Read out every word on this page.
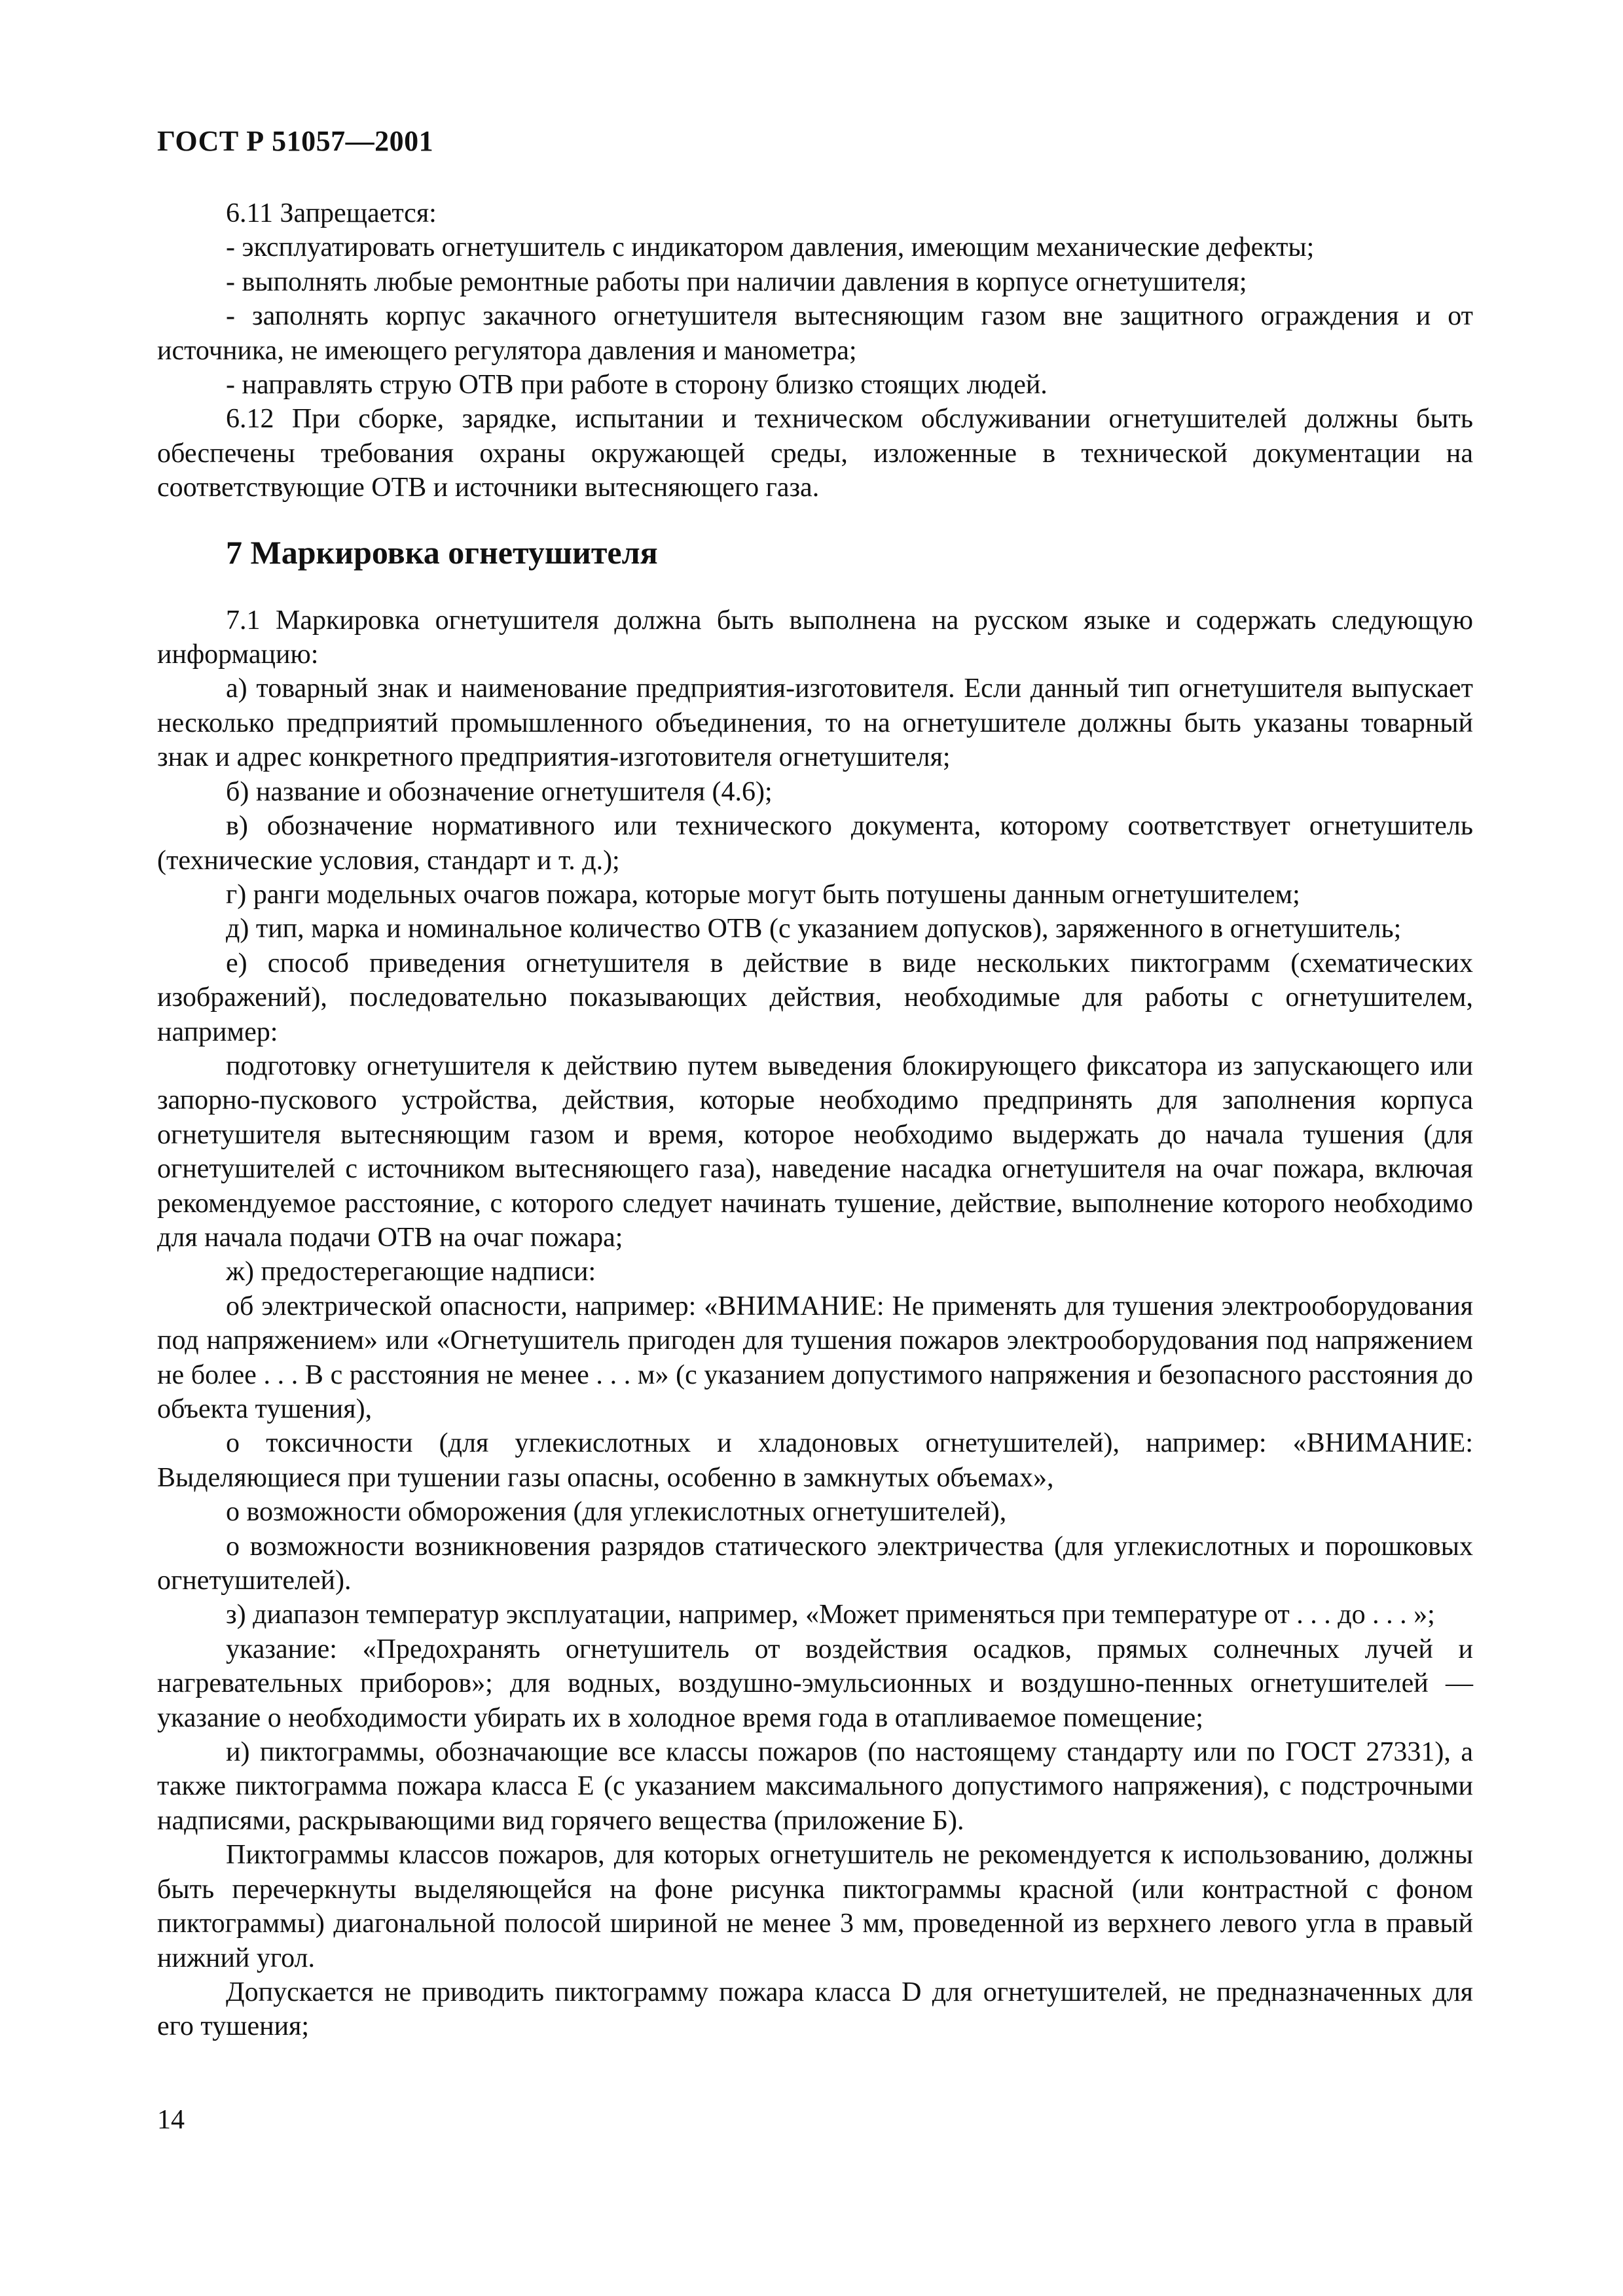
ГОСТ Р 51057—2001

6.11 Запрещается:

- эксплуатировать огнетушитель с индикатором давления, имеющим механические дефекты;

- выполнять любые ремонтные работы при наличии давления в корпусе огнетушителя;

- заполнять корпус закачного огнетушителя вытесняющим газом вне защитного ограждения и от источника, не имеющего регулятора давления и манометра;

- направлять струю ОТВ при работе в сторону близко стоящих людей.

6.12 При сборке, зарядке, испытании и техническом обслуживании огнетушителей должны быть обеспечены требования охраны окружающей среды, изложенные в технической документации на соответствующие ОТВ и источники вытесняющего газа.

7 Маркировка огнетушителя

7.1 Маркировка огнетушителя должна быть выполнена на русском языке и содержать следующую информацию:

а) товарный знак и наименование предприятия-изготовителя. Если данный тип огнетушителя выпускает несколько предприятий промышленного объединения, то на огнетушителе должны быть указаны товарный знак и адрес конкретного предприятия-изготовителя огнетушителя;

б) название и обозначение огнетушителя (4.6);

в) обозначение нормативного или технического документа, которому соответствует огнетушитель (технические условия, стандарт и т. д.);

г) ранги модельных очагов пожара, которые могут быть потушены данным огнетушителем;

д) тип, марка и номинальное количество ОТВ (с указанием допусков), заряженного в огнетушитель;

е) способ приведения огнетушителя в действие в виде нескольких пиктограмм (схематических изображений), последовательно показывающих действия, необходимые для работы с огнетушителем, например:

подготовку огнетушителя к действию путем выведения блокирующего фиксатора из запускающего или запорно-пускового устройства, действия, которые необходимо предпринять для заполнения корпуса огнетушителя вытесняющим газом и время, которое необходимо выдержать до начала тушения (для огнетушителей с источником вытесняющего газа), наведение насадка огнетушителя на очаг пожара, включая рекомендуемое расстояние, с которого следует начинать тушение, действие, выполнение которого необходимо для начала подачи ОТВ на очаг пожара;

ж) предостерегающие надписи:

об электрической опасности, например: «ВНИМАНИЕ: Не применять для тушения электрооборудования под напряжением» или «Огнетушитель пригоден для тушения пожаров электрооборудования под напряжением не более . . . В с расстояния не менее . . . м» (с указанием допустимого напряжения и безопасного расстояния до объекта тушения),

о токсичности (для углекислотных и хладоновых огнетушителей), например: «ВНИМАНИЕ: Выделяющиеся при тушении газы опасны, особенно в замкнутых объемах»,

о возможности обморожения (для углекислотных огнетушителей),

о возможности возникновения разрядов статического электричества (для углекислотных и порошковых огнетушителей).

з) диапазон температур эксплуатации, например, «Может применяться при температуре от . . . до . . . »;

указание: «Предохранять огнетушитель от воздействия осадков, прямых солнечных лучей и нагревательных приборов»; для водных, воздушно-эмульсионных и воздушно-пенных огнетушителей — указание о необходимости убирать их в холодное время года в отапливаемое помещение;

и) пиктограммы, обозначающие все классы пожаров (по настоящему стандарту или по ГОСТ 27331), а также пиктограмма пожара класса Е (с указанием максимального допустимого напряжения), с подстрочными надписями, раскрывающими вид горячего вещества (приложение Б).

Пиктограммы классов пожаров, для которых огнетушитель не рекомендуется к использованию, должны быть перечеркнуты выделяющейся на фоне рисунка пиктограммы красной (или контрастной с фоном пиктограммы) диагональной полосой шириной не менее 3 мм, проведенной из верхнего левого угла в правый нижний угол.

Допускается не приводить пиктограмму пожара класса D для огнетушителей, не предназначенных для его тушения;

14
